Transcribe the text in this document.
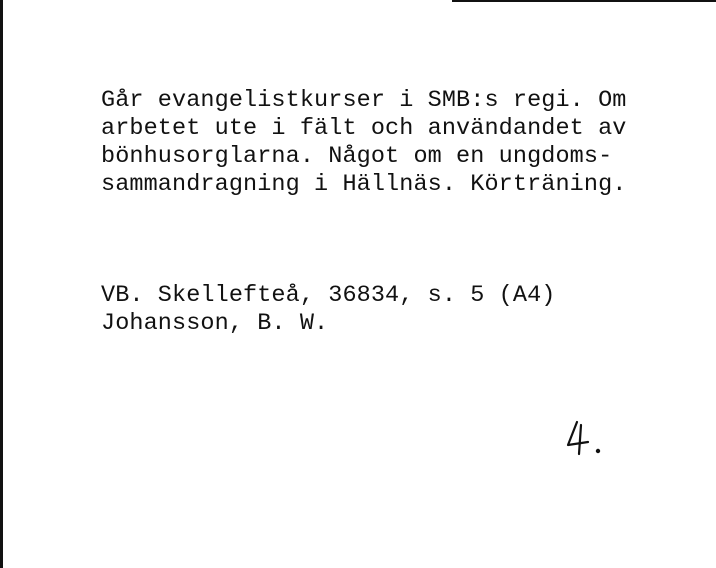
Går evangelistkurser i SMB:s regi. Om
arbetet ute i fält och användandet av
bönhusorglarna. Något om en ungdoms-
sammandragning i Hällnäs. Körträning.
VB. Skellefteå, 36834, s. 5 (A4)
Johansson, B. W.
